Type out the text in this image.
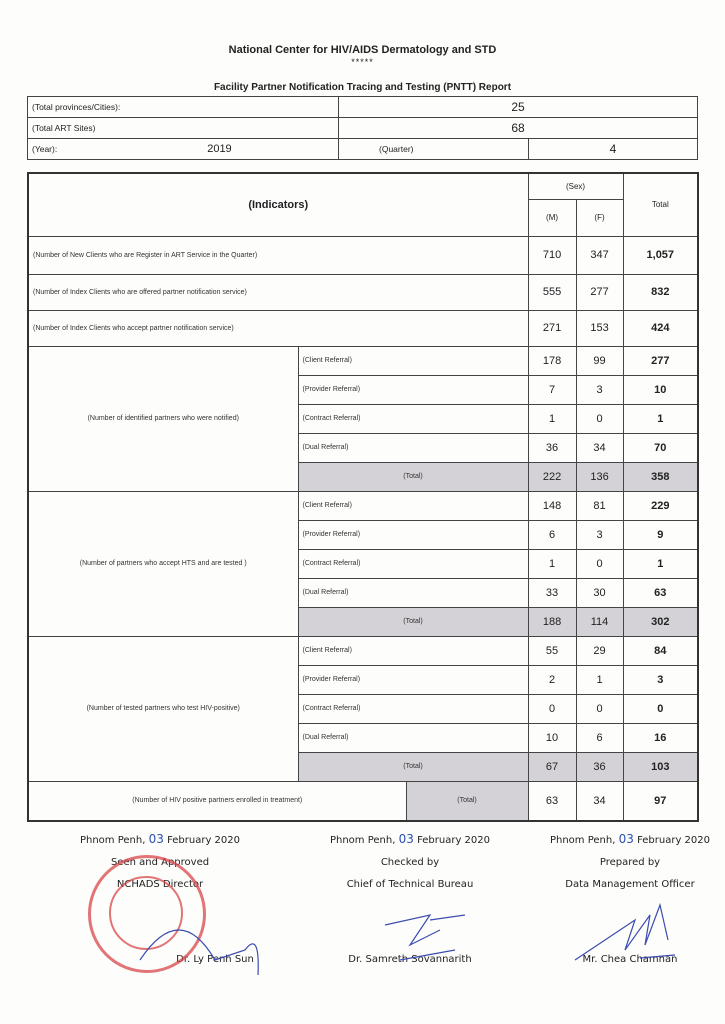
National Center for HIV/AIDS Dermatology and STD
*****
Facility Partner Notification Tracing and Testing (PNTT) Report
(Total provinces/Cities):	25	
(Total ART Sites)	68	
(Year): 2019	(Quarter)	4
(Indicators)			(Sex)		Total
			(M)	(F)	
(Number of New Clients who are Register in ART Service in the Quarter)			710	347	1,057
(Number of Index Clients who are offered partner notification service)			555	277	832
(Number of Index Clients who accept partner notification service)			271	153	424
(Number of identified partners who were notified)	(Client Referral)		178	99	277
	(Provider Referral)		7	3	10
	(Contract Referral)		1	0	1
	(Dual Referral)		36	34	70
	(Total)		222	136	358
(Number of partners who accept HTS and are tested )	(Client Referral)		148	81	229
	(Provider Referral)		6	3	9
	(Contract Referral)		1	0	1
	(Dual Referral)		33	30	63
	(Total)		188	114	302
(Number of tested partners who test HIV-positive)	(Client Referral)		55	29	84
	(Provider Referral)		2	1	3
	(Contract Referral)		0	0	0
	(Dual Referral)		10	6	16
	(Total)		67	36	103
(Number of HIV positive partners enrolled in treatment)		(Total)	63	34	97
Phnom Penh, 03 February 2020
Seen and Approved
NCHADS Director
Dr. Ly Penh Sun
Phnom Penh, 03 February 2020
Checked by
Chief of Technical Bureau
Dr. Samreth Sovannarith
Phnom Penh, 03 February 2020
Prepared by
Data Management Officer
Mr. Chea Chamnan
